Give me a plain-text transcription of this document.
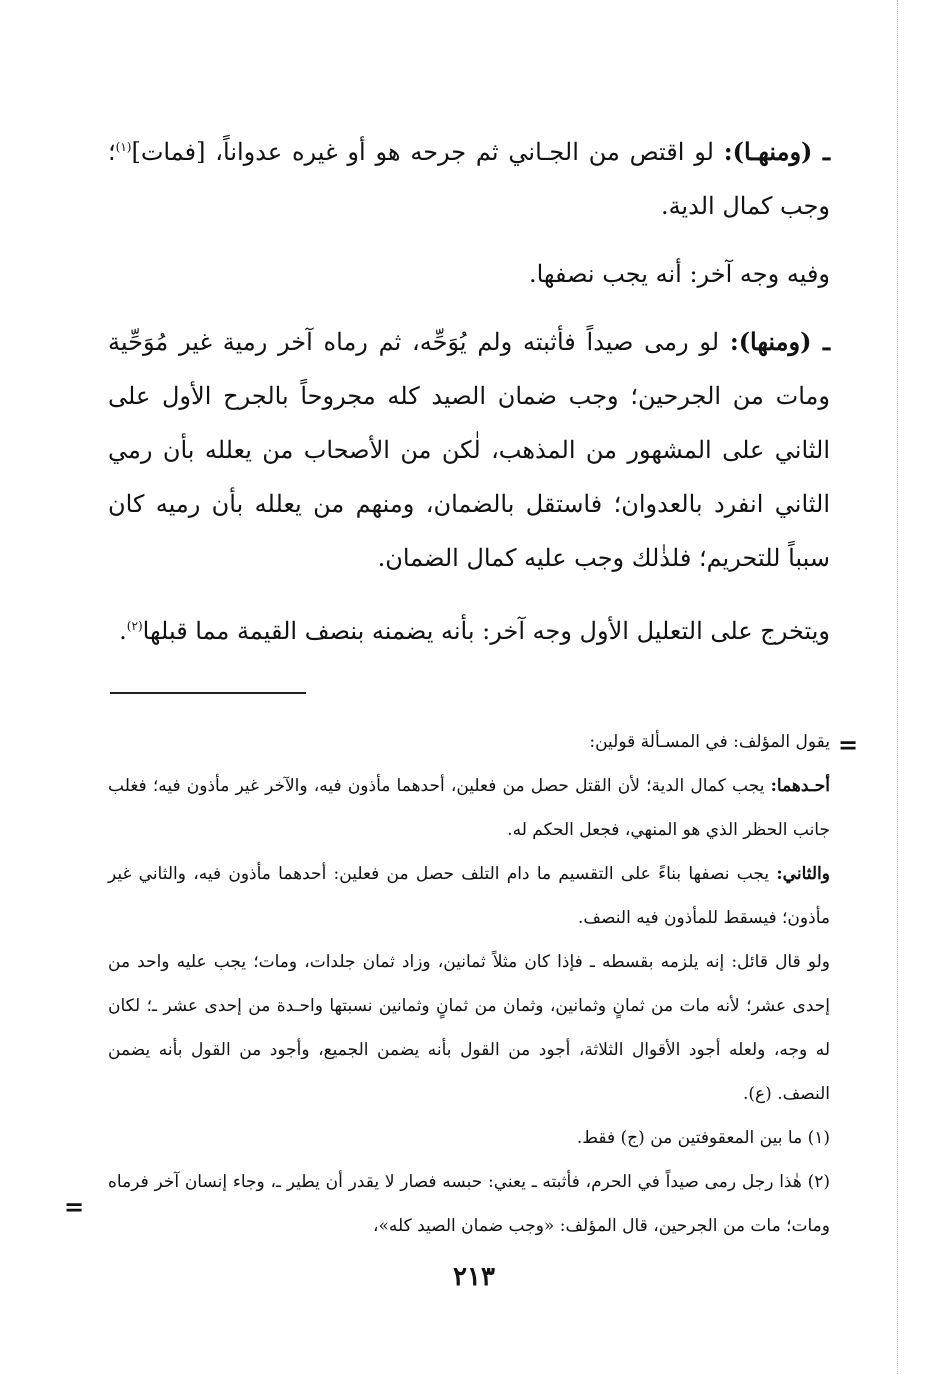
ـ (ومنهـا): لو اقتص من الجـاني ثم جرحه هو أو غيره عدواناً، [فمات]$^{(١)}$؛ وجب كمال الدية.

وفيه وجه آخر: أنه يجب نصفها.

ـ (ومنها): لو رمى صيداً فأثبته ولم يُوَحِّه، ثم رماه آخر رمية غير مُوَحِّية ومات من الجرحين؛ وجب ضمان الصيد كله مجروحاً بالجرح الأول على الثاني على المشهور من المذهب، لٰكن من الأصحاب من يعلله بأن رمي الثاني انفرد بالعدوان؛ فاستقل بالضمان، ومنهم من يعلله بأن رميه كان سبباً للتحريم؛ فلذٰلك وجب عليه كمال الضمان.

ويتخرج على التعليل الأول وجه آخر: بأنه يضمنه بنصف القيمة مما قبلها$^{(٢)}$.

=

يقول المؤلف: في المسـألة قولين:

أحـدهما: يجب كمال الدية؛ لأن القتل حصل من فعلين، أحدهما مأذون فيه، والآخر غير مأذون فيه؛ فغلب جانب الحظر الذي هو المنهي، فجعل الحكم له.

والثاني: يجب نصفها بناءً على التقسيم ما دام التلف حصل من فعلين: أحدهما مأذون فيه، والثاني غير مأذون؛ فيسقط للمأذون فيه النصف.

ولو قال قائل: إنه يلزمه بقسطه ـ فإذا كان مثلاً ثمانين، وزاد ثمان جلدات، ومات؛ يجب عليه واحد من إحدى عشر؛ لأنه مات من ثمانٍ وثمانين، وثمان من ثمانٍ وثمانين نسبتها واحـدة من إحدى عشر ـ؛ لكان له وجه، ولعله أجود الأقوال الثلاثة، أجود من القول بأنه يضمن الجميع، وأجود من القول بأنه يضمن النصف. (ع).

(١) ما بين المعقوفتين من (ج) فقط.

(٢) هٰذا رجل رمى صيداً في الحرم، فأثبته ـ يعني: حبسه فصار لا يقدر أن يطير ـ، وجاء إنسان آخر فرماه ومات؛ مات من الجرحين، قال المؤلف: «وجب ضمان الصيد كله»،

=
٢١٣
